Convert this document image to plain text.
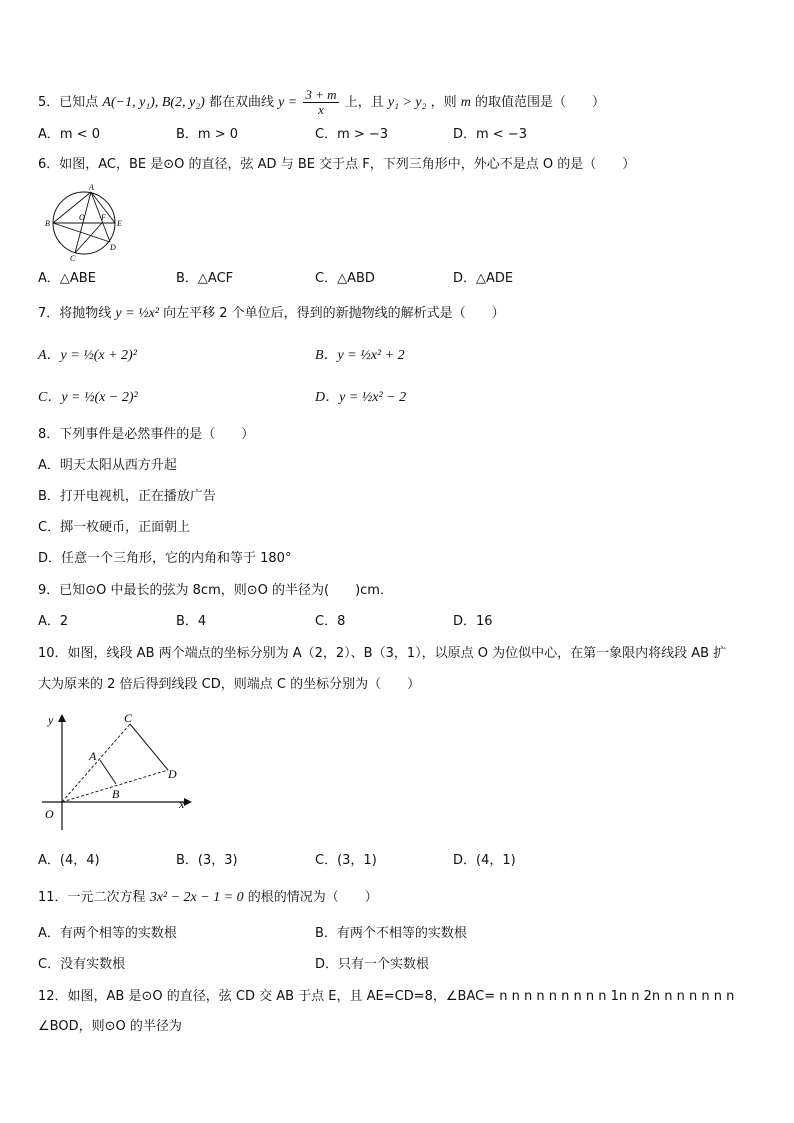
5．已知点 A(−1, y₁), B(2, y₂) 都在双曲线 $y = \frac{3 + m}{x}$ 上，且 y₁ > y₂ ，则 m 的取值范围是（　　）
A．m < 0	B．m > 0	C．m > −3	D．m < −3
6．如图，AC，BE 是⊙O 的直径，弦 AD 与 BE 交于点 F，下列三角形中，外心不是点 O 的是（　　）
A
B
C
D
E
O F
A．△ABE	B．△ACF	C．△ABD	D．△ADE
7．将抛物线 y = ½x² 向左平移 2 个单位后，得到的新抛物线的解析式是（　　）
A．y = ½(x + 2)²	B．y = ½x² + 2
C．y = ½(x − 2)²	D．y = ½x² − 2
8．下列事件是必然事件的是（　　）
A．明天太阳从西方升起
B．打开电视机，正在播放广告
C．掷一枚硬币，正面朝上
D．任意一个三角形，它的内角和等于 180°
9．已知⊙O 中最长的弦为 8cm，则⊙O 的半径为(　　)cm．
A．2	B．4	C．8	D．16
10．如图，线段 AB 两个端点的坐标分别为 A（2，2）、B（3，1），以原点 O 为位似中心，在第一象限内将线段 AB 扩
大为原来的 2 倍后得到线段 CD，则端点 C 的坐标分别为（　　）
y
x
O
A
B
C
D
A．(4，4)	B．(3，3)	C．(3，1)	D．(4，1)
11．一元二次方程 3x² − 2x − 1 = 0 的根的情况为（　　）
A．有两个相等的实数根	B．有两个不相等的实数根
C．没有实数根	D．只有一个实数根
12．如图，AB 是⊙O 的直径，弦 CD 交 AB 于点 E，且 AE=CD=8，∠BAC= n n n n n n n n n 1n n 2n n n n n n n
∠BOD，则⊙O 的半径为
